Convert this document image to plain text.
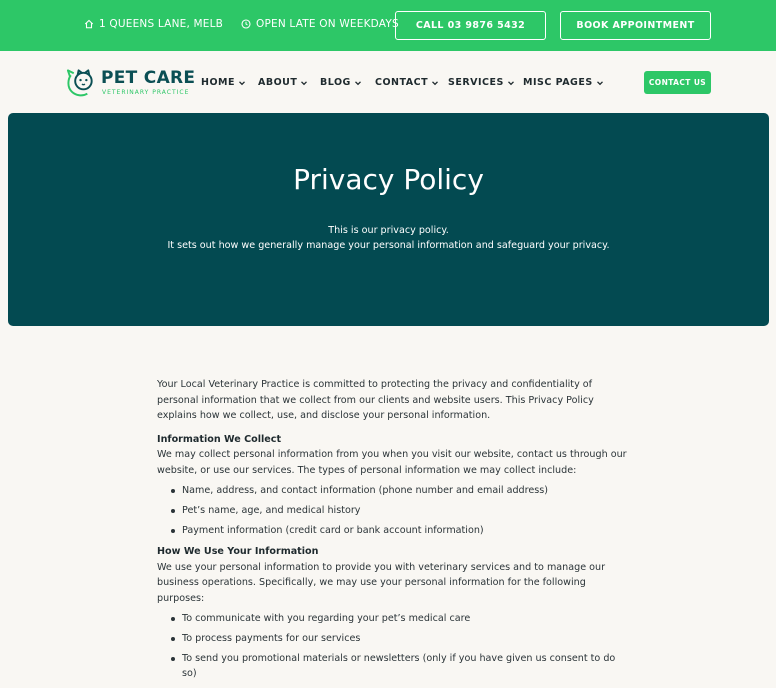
1 QUEENS LANE, MELB	OPEN LATE ON WEEKDAYS	CALL 03 9876 5432	BOOK APPOINTMENT
PET CARE
VETERINARY PRACTICE
HOME ABOUT BLOG	CONTACT SERVICES MISC PAGES	CONTACT US
Privacy Policy

This is our privacy policy.

It sets out how we generally manage your personal information and safeguard your privacy.

Your Local Veterinary Practice is committed to protecting the privacy and confidentiality of personal information that we collect from our clients and website users. This Privacy Policy explains how we collect, use, and disclose your personal information.

Information We Collect

We may collect personal information from you when you visit our website, contact us through our website, or use our services. The types of personal information we may collect include:

Name, address, and contact information (phone number and email address)
Pet’s name, age, and medical history
Payment information (credit card or bank account information)
How We Use Your Information

We use your personal information to provide you with veterinary services and to manage our business operations. Specifically, we may use your personal information for the following purposes:

To communicate with you regarding your pet’s medical care
To process payments for our services
To send you promotional materials or newsletters (only if you have given us consent to do so)
